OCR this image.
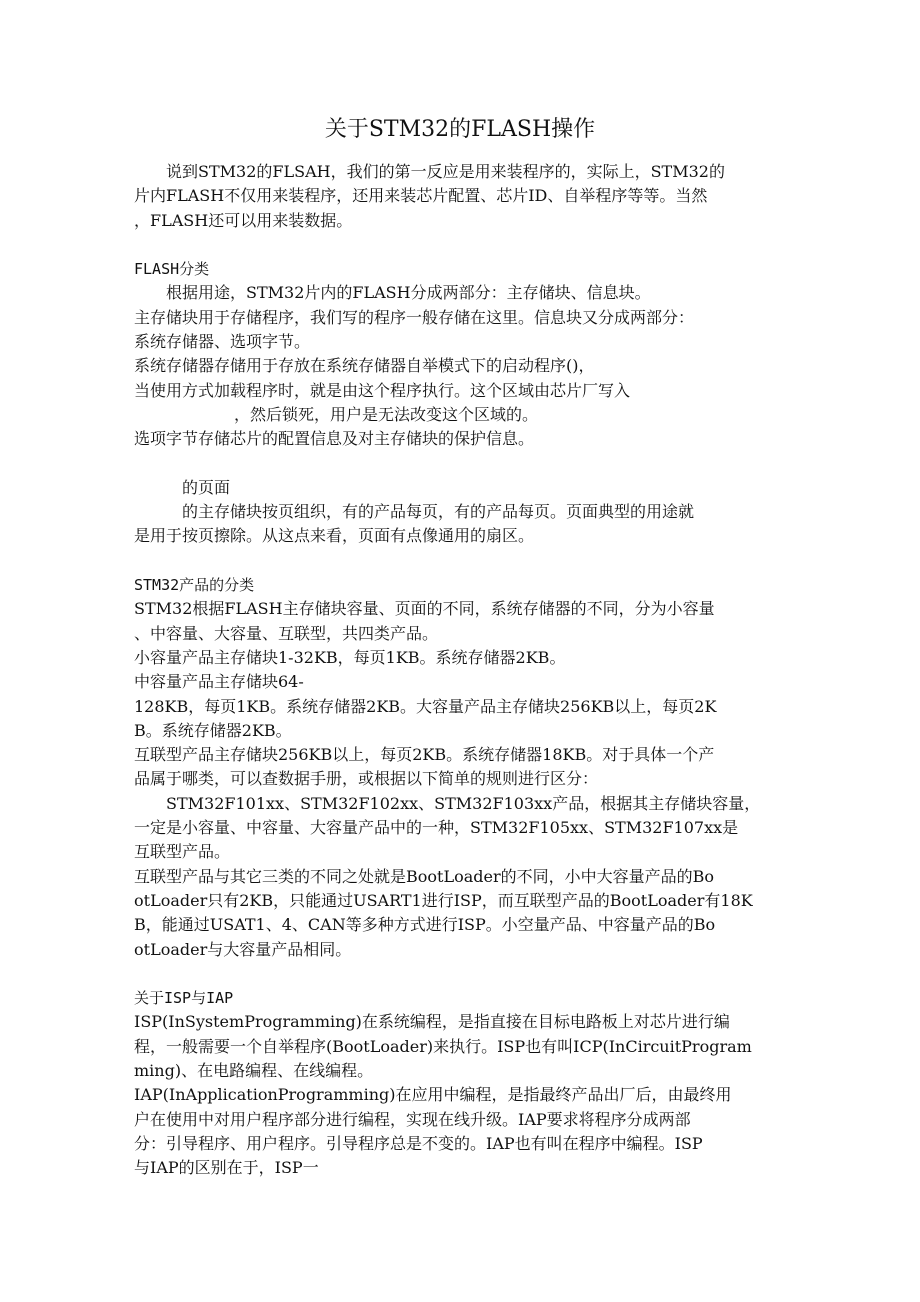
关于STM32的FLASH操作
说到STM32的FLSAH，我们的第一反应是用来装程序的，实际上，STM32的
片内FLASH不仅用来装程序，还用来装芯片配置、芯片ID、自举程序等等。当然
，FLASH还可以用来装数据。
FLASH分类
根据用途，STM32片内的FLASH分成两部分：主存储块、信息块。
主存储块用于存储程序，我们写的程序一般存储在这里。信息块又分成两部分：
系统存储器、选项字节。
系统存储器存储用于存放在系统存储器自举模式下的启动程序()，
当使用方式加载程序时，就是由这个程序执行。这个区域由芯片厂写入
，然后锁死，用户是无法改变这个区域的。
选项字节存储芯片的配置信息及对主存储块的保护信息。
的页面
的主存储块按页组织，有的产品每页，有的产品每页。页面典型的用途就
是用于按页擦除。从这点来看，页面有点像通用的扇区。
STM32产品的分类
STM32根据FLASH主存储块容量、页面的不同，系统存储器的不同，分为小容量
、中容量、大容量、互联型，共四类产品。
小容量产品主存储块1-32KB，每页1KB。系统存储器2KB。
中容量产品主存储块64-
128KB，每页1KB。系统存储器2KB。大容量产品主存储块256KB以上，每页2K
B。系统存储器2KB。
互联型产品主存储块256KB以上，每页2KB。系统存储器18KB。对于具体一个产
品属于哪类，可以查数据手册，或根据以下简单的规则进行区分：
STM32F101xx、STM32F102xx、STM32F103xx产品，根据其主存储块容量，
一定是小容量、中容量、大容量产品中的一种，STM32F105xx、STM32F107xx是
互联型产品。
互联型产品与其它三类的不同之处就是BootLoader的不同，小中大容量产品的Bo
otLoader只有2KB，只能通过USART1进行ISP，而互联型产品的BootLoader有18K
B，能通过USAT1、4、CAN等多种方式进行ISP。小空量产品、中容量产品的Bo
otLoader与大容量产品相同。
关于ISP与IAP
ISP(InSystemProgramming)在系统编程，是指直接在目标电路板上对芯片进行编
程，一般需要一个自举程序(BootLoader)来执行。ISP也有叫ICP(InCircuitProgram
ming)、在电路编程、在线编程。
IAP(InApplicationProgramming)在应用中编程，是指最终产品出厂后，由最终用
户在使用中对用户程序部分进行编程，实现在线升级。IAP要求将程序分成两部
分：引导程序、用户程序。引导程序总是不变的。IAP也有叫在程序中编程。ISP
与IAP的区别在于，ISP一
